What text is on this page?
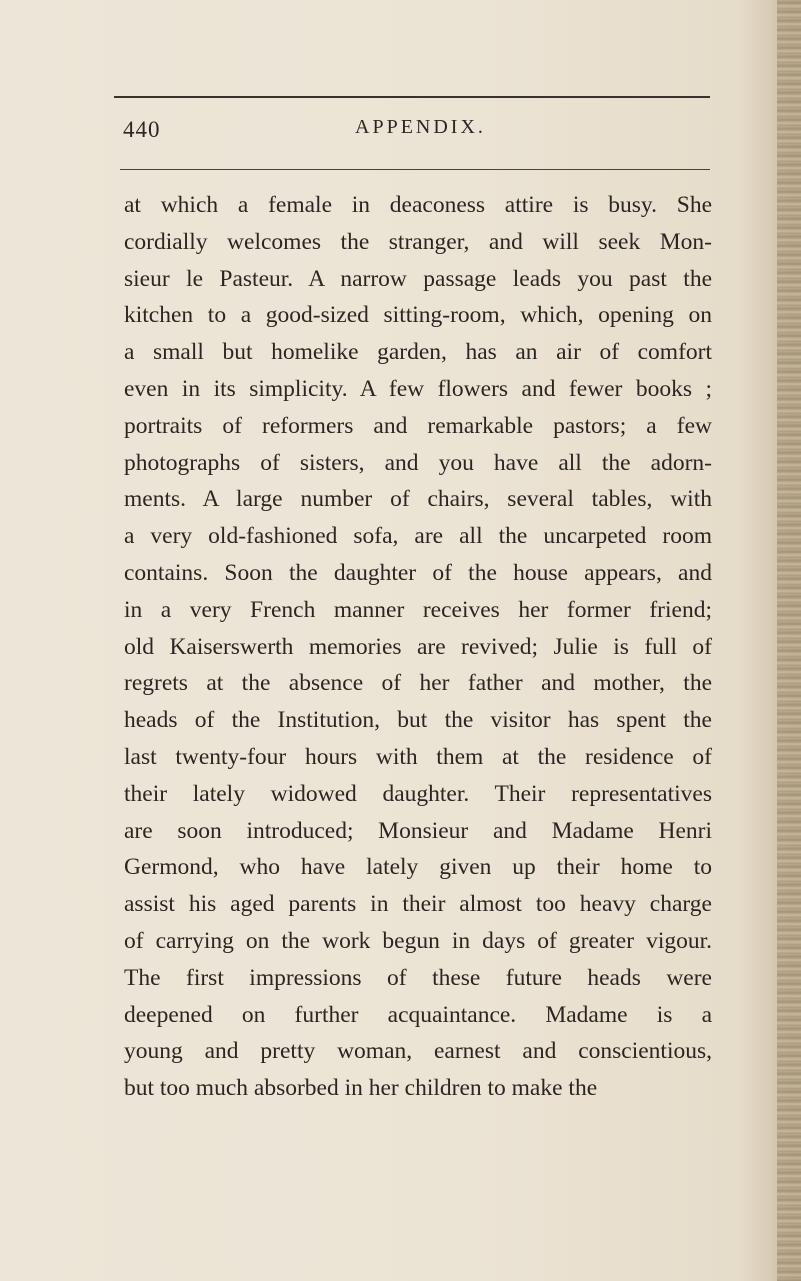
440	APPENDIX.
at which a female in deaconess attire is busy. She
cordially welcomes the stranger, and will seek Mon-
sieur le Pasteur. A narrow passage leads you past the
kitchen to a good-sized sitting-room, which, opening on
a small but homelike garden, has an air of comfort
even in its simplicity. A few flowers and fewer books ;
portraits of reformers and remarkable pastors; a few
photographs of sisters, and you have all the adorn-
ments. A large number of chairs, several tables, with
a very old-fashioned sofa, are all the uncarpeted room
contains. Soon the daughter of the house appears, and
in a very French manner receives her former friend;
old Kaiserswerth memories are revived; Julie is full of
regrets at the absence of her father and mother, the
heads of the Institution, but the visitor has spent the
last twenty-four hours with them at the residence of
their lately widowed daughter. Their representatives
are soon introduced; Monsieur and Madame Henri
Germond, who have lately given up their home to
assist his aged parents in their almost too heavy charge
of carrying on the work begun in days of greater vigour.
The first impressions of these future heads were
deepened on further acquaintance. Madame is a
young and pretty woman, earnest and conscientious,
but too much absorbed in her children to make the
